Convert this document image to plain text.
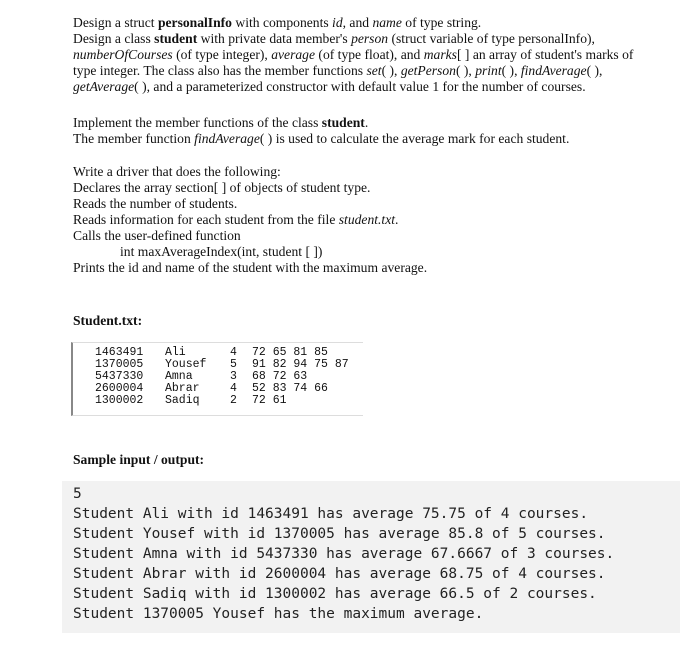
Design a struct personalInfo with components id, and name of type string.
Design a class student with private data member's person (struct variable of type personalInfo),
numberOfCourses (of type integer), average (of type float), and marks[ ] an array of student's marks of
type integer. The class also has the member functions set( ), getPerson( ), print( ), findAverage( ),
getAverage( ), and a parameterized constructor with default value 1 for the number of courses.
Implement the member functions of the class student.
The member function findAverage( ) is used to calculate the average mark for each student.
Write a driver that does the following:
Declares the array section[ ] of objects of student type.
Reads the number of students.
Reads information for each student from the file student.txt.
Calls the user-defined function
int maxAverageIndex(int, student [ ])
Prints the id and name of the student with the maximum average.
Student.txt:
1463491 Ali	4 72 65 81 85
1370005 Yousef 5 91 82 94 75 87
5437330 Amna	3 68 72 63
2600004 Abrar	4 52 83 74 66
1300002 Sadiq	2 72 61
Sample input / output:
5
Student Ali with id 1463491 has average 75.75 of 4 courses.
Student Yousef with id 1370005 has average 85.8 of 5 courses.
Student Amna with id 5437330 has average 67.6667 of 3 courses.
Student Abrar with id 2600004 has average 68.75 of 4 courses.
Student Sadiq with id 1300002 has average 66.5 of 2 courses.
Student 1370005 Yousef has the maximum average.
